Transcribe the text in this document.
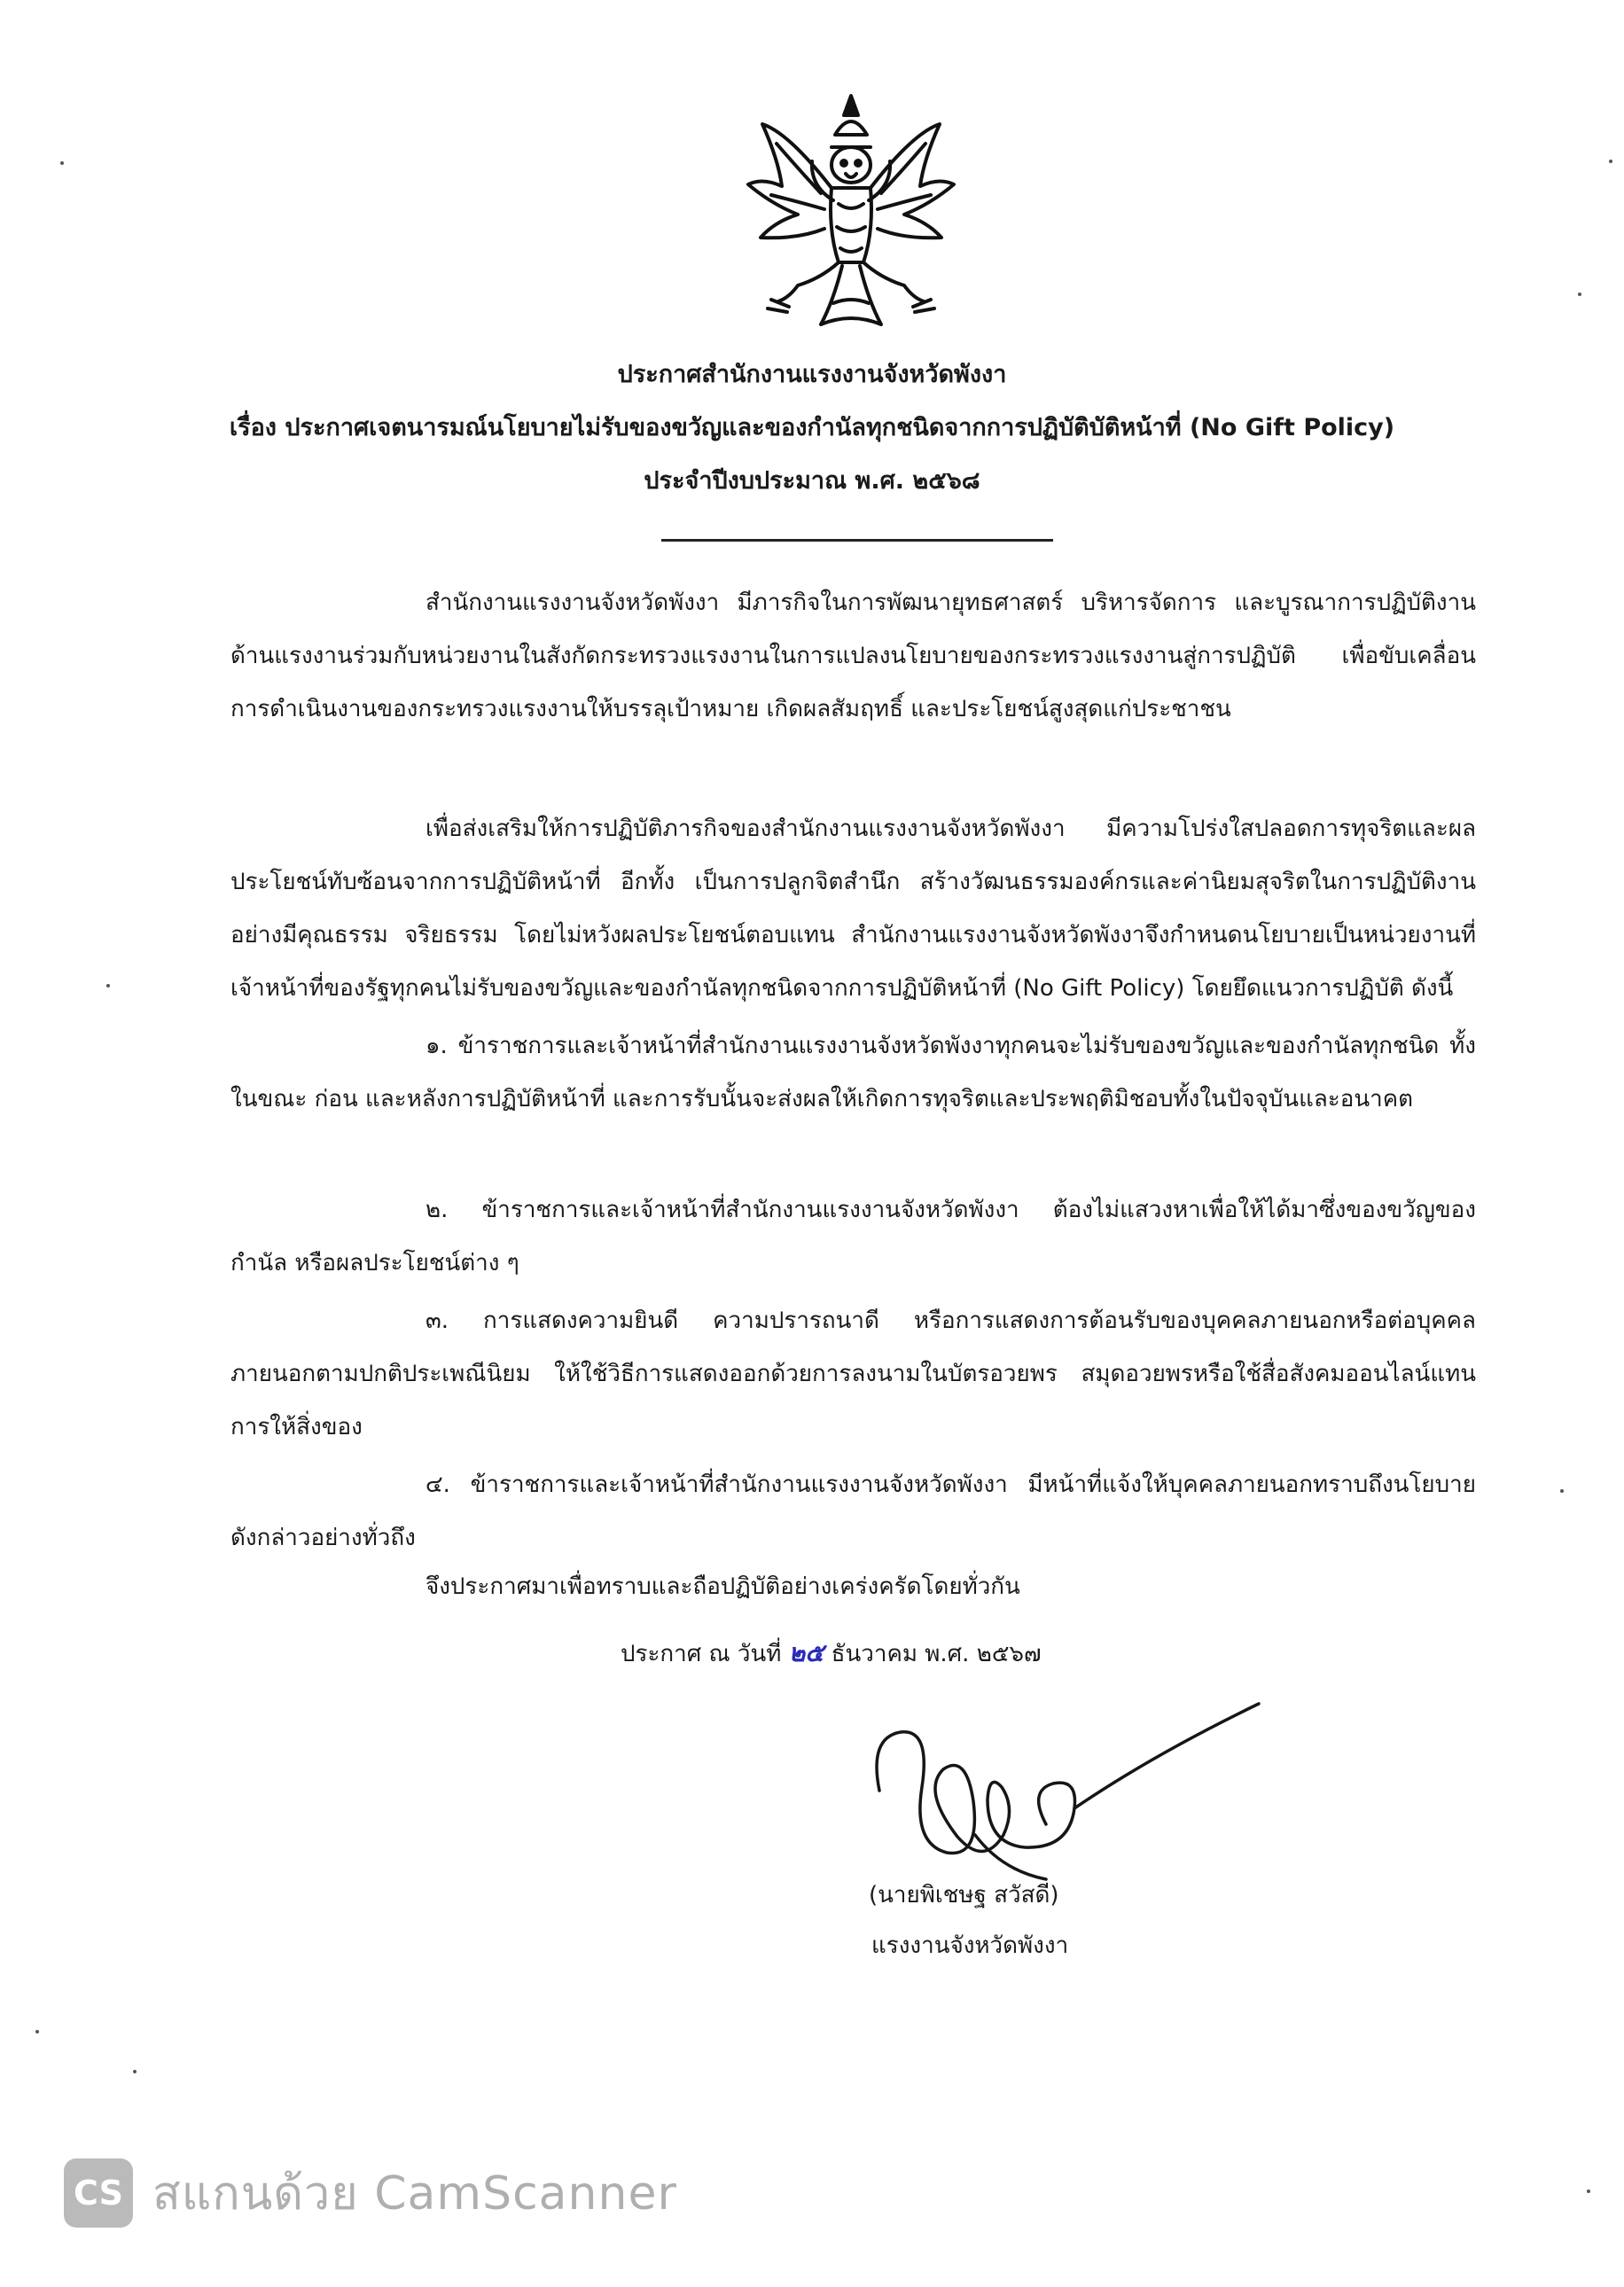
ประกาศสำนักงานแรงงานจังหวัดพังงา
เรื่อง ประกาศเจตนารมณ์นโยบายไม่รับของขวัญและของกำนัลทุกชนิดจากการปฏิบัติบัติหน้าที่ (No Gift Policy)
ประจำปีงบประมาณ พ.ศ. ๒๕๖๘

สำนักงานแรงงานจังหวัดพังงา มีภารกิจในการพัฒนายุทธศาสตร์ บริหารจัดการ และบูรณาการปฏิบัติงานด้านแรงงานร่วมกับหน่วยงานในสังกัดกระทรวงแรงงานในการแปลงนโยบายของกระทรวงแรงงานสู่การปฏิบัติ เพื่อขับเคลื่อนการดำเนินงานของกระทรวงแรงงานให้บรรลุเป้าหมาย เกิดผลสัมฤทธิ์ และประโยชน์สูงสุดแก่ประชาชน

เพื่อส่งเสริมให้การปฏิบัติภารกิจของสำนักงานแรงงานจังหวัดพังงา มีความโปร่งใสปลอดการทุจริตและผลประโยชน์ทับซ้อนจากการปฏิบัติหน้าที่ อีกทั้ง เป็นการปลูกจิตสำนึก สร้างวัฒนธรรมองค์กรและค่านิยมสุจริตในการปฏิบัติงานอย่างมีคุณธรรม จริยธรรม โดยไม่หวังผลประโยชน์ตอบแทน สำนักงานแรงงานจังหวัดพังงาจึงกำหนดนโยบายเป็นหน่วยงานที่เจ้าหน้าที่ของรัฐทุกคนไม่รับของขวัญและของกำนัลทุกชนิดจากการปฏิบัติหน้าที่ (No Gift Policy) โดยยึดแนวการปฏิบัติ ดังนี้

๑. ข้าราชการและเจ้าหน้าที่สำนักงานแรงงานจังหวัดพังงาทุกคนจะไม่รับของขวัญและของกำนัลทุกชนิด ทั้งในขณะ ก่อน และหลังการปฏิบัติหน้าที่ และการรับนั้นจะส่งผลให้เกิดการทุจริตและประพฤติมิชอบทั้งในปัจจุบันและอนาคต

๒. ข้าราชการและเจ้าหน้าที่สำนักงานแรงงานจังหวัดพังงา ต้องไม่แสวงหาเพื่อให้ได้มาซึ่งของขวัญของกำนัล หรือผลประโยชน์ต่าง ๆ

๓. การแสดงความยินดี ความปรารถนาดี หรือการแสดงการต้อนรับของบุคคลภายนอกหรือต่อบุคคลภายนอกตามปกติประเพณีนิยม ให้ใช้วิธีการแสดงออกด้วยการลงนามในบัตรอวยพร สมุดอวยพรหรือใช้สื่อสังคมออนไลน์แทนการให้สิ่งของ

๔. ข้าราชการและเจ้าหน้าที่สำนักงานแรงงานจังหวัดพังงา มีหน้าที่แจ้งให้บุคคลภายนอกทราบถึงนโยบายดังกล่าวอย่างทั่วถึง

จึงประกาศมาเพื่อทราบและถือปฏิบัติอย่างเคร่งครัดโดยทั่วกัน
ประกาศ ณ วันที่ ๒๕ ธันวาคม พ.ศ. ๒๕๖๗
(นายพิเชษฐ สวัสดี)
แรงงานจังหวัดพังงา
CS สแกนด้วย CamScanner
